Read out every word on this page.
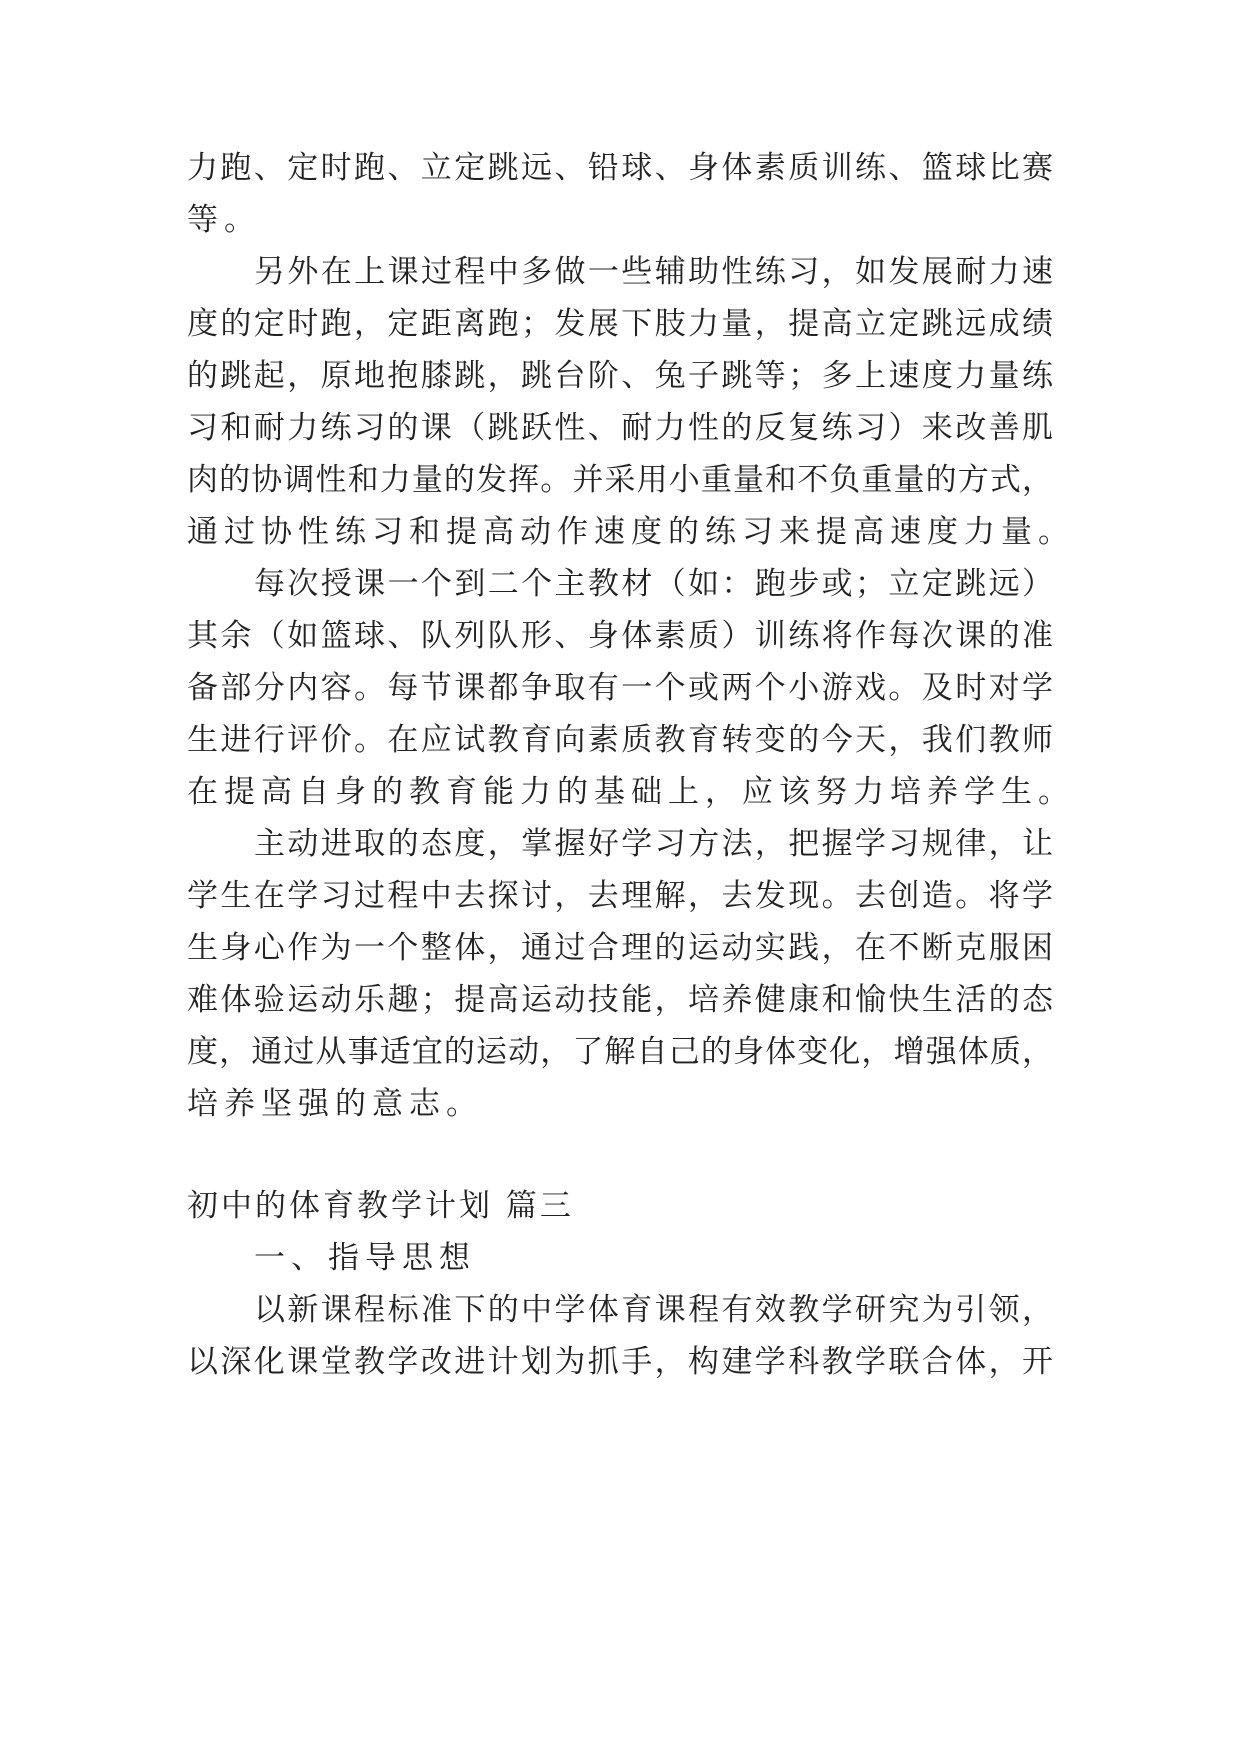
力跑、定时跑、立定跳远、铅球、身体素质训练、篮球比赛
等。
另外在上课过程中多做一些辅助性练习，如发展耐力速
度的定时跑，定距离跑；发展下肢力量，提高立定跳远成绩
的跳起，原地抱膝跳，跳台阶、兔子跳等；多上速度力量练
习和耐力练习的课（跳跃性、耐力性的反复练习）来改善肌
肉的协调性和力量的发挥。并采用小重量和不负重量的方式，
通过协性练习和提高动作速度的练习来提高速度力量。
每次授课一个到二个主教材（如：跑步或；立定跳远）
其余（如篮球、队列队形、身体素质）训练将作每次课的准
备部分内容。每节课都争取有一个或两个小游戏。及时对学
生进行评价。在应试教育向素质教育转变的今天，我们教师
在提高自身的教育能力的基础上，应该努力培养学生。
主动进取的态度，掌握好学习方法，把握学习规律，让
学生在学习过程中去探讨，去理解，去发现。去创造。将学
生身心作为一个整体，通过合理的运动实践，在不断克服困
难体验运动乐趣；提高运动技能，培养健康和愉快生活的态
度，通过从事适宜的运动，了解自己的身体变化，增强体质，
培养坚强的意志。
初中的体育教学计划 篇三
一、指导思想
以新课程标准下的中学体育课程有效教学研究为引领，
以深化课堂教学改进计划为抓手，构建学科教学联合体，开
